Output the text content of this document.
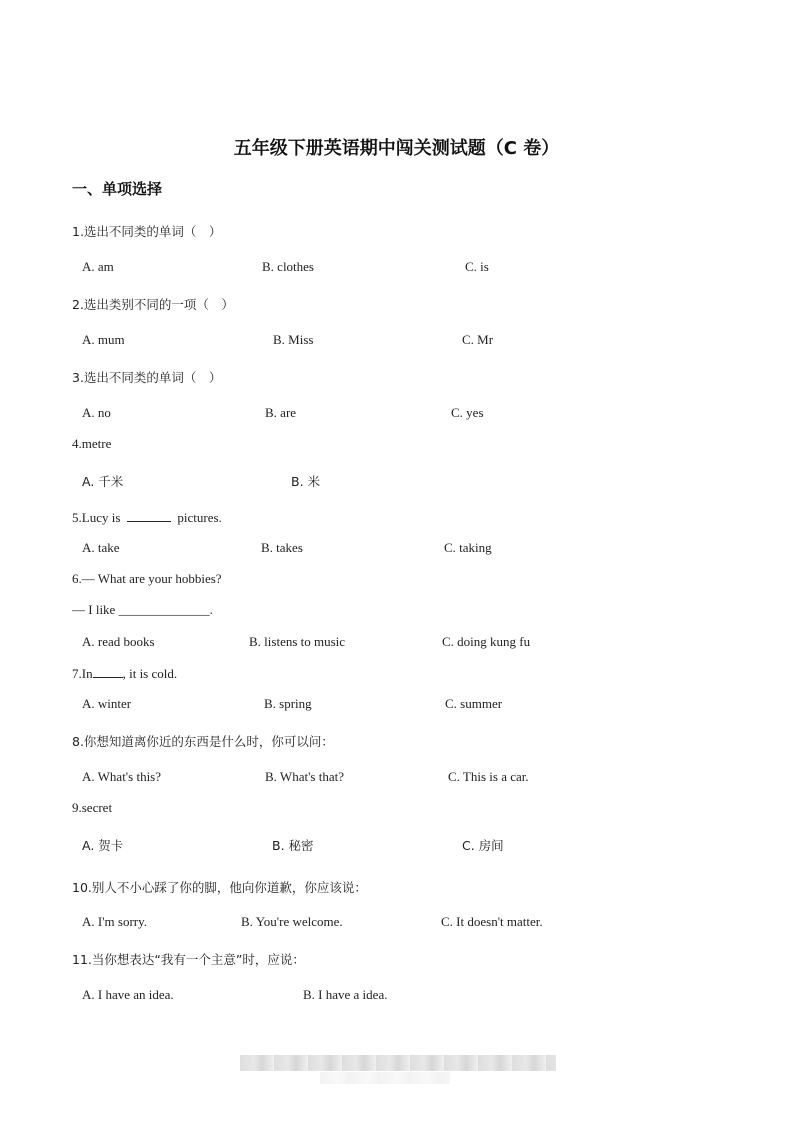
五年级下册英语期中闯关测试题（C 卷）
一、单项选择
1.选出不同类的单词（　）
A. am	B. clothes	C. is
2.选出类别不同的一项（　）
A. mum	B. Miss	C. Mr
3.选出不同类的单词（　）
A. no	B. are	C. yes
4.metre
A. 千米	B. 米
5.Lucy is	pictures.
A. take	B. takes	C. taking
6.— What are your hobbies?
— I like ______________.
A. read books	B. listens to music	C. doing kung fu
7.In , it is cold.
A. winter	B. spring	C. summer
8.你想知道离你近的东西是什么时，你可以问：
A. What's this?	B. What's that?	C. This is a car.
9.secret
A. 贺卡	B. 秘密	C. 房间
10.别人不小心踩了你的脚，他向你道歉，你应该说：
A. I'm sorry.	B. You're welcome.	C. It doesn't matter.
11.当你想表达“我有一个主意”时，应说：
A. I have an idea.	B. I have a idea.
